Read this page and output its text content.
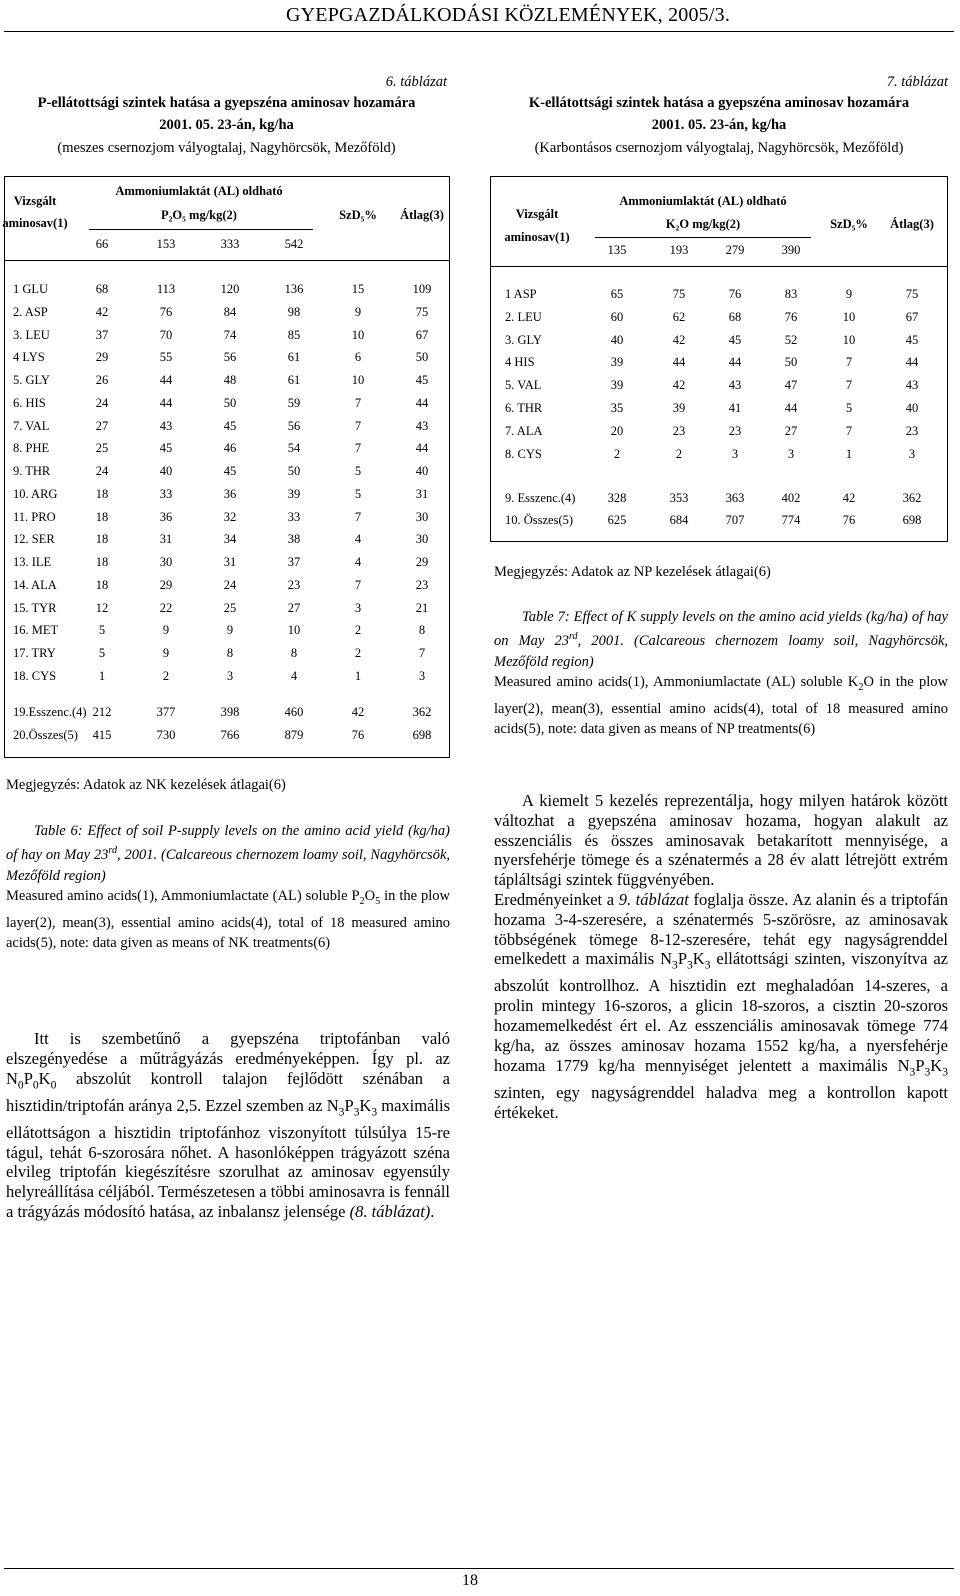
GYEPGAZDÁLKODÁSI KÖZLEMÉNYEK, 2005/3.
6. táblázat
P-ellátottsági szintek hatása a gyepszéna aminosav hozamára
2001. 05. 23-án, kg/ha
(meszes csernozjom vályogtalaj, Nagyhörcsök, Mezőföld)
7. táblázat
K-ellátottsági szintek hatása a gyepszéna aminosav hozamára
2001. 05. 23-án, kg/ha
(Karbontásos csernozjom vályogtalaj, Nagyhörcsök, Mezőföld)
Vizsgált
aminosav(1)
Ammoniumlaktát (AL) oldható
P₂O₅ mg/kg(2)
66	153	333	542
SzD₅% Átlag(3)
1 GLU	68	113	120	136	15	109
2. ASP	42	76	84	98	9	75
3. LEU	37	70	74	85	10	67
4 LYS	29	55	56	61	6	50
5. GLY	26	44	48	61	10	45
6. HIS	24	44	50	59	7	44
7. VAL	27	43	45	56	7	43
8. PHE	25	45	46	54	7	44
9. THR	24	40	45	50	5	40
10. ARG	18	33	36	39	5	31
11. PRO	18	36	32	33	7	30
12. SER	18	31	34	38	4	30
13. ILE	18	30	31	37	4	29
14. ALA	18	29	24	23	7	23
15. TYR	12	22	25	27	3	21
16. MET	5	9	9	10	2	8
17. TRY	5	9	8	8	2	7
18. CYS	1	2	3	4	1	3
19.Esszenc.(4) 212	377	398	460	42	362
20.Összes(5) 415	730	766	879	76	698
Vizsgált
aminosav(1)
Ammoniumlaktát (AL) oldható
K₂O mg/kg(2)
135	193	279	390
SzD₅% Átlag(3)
1 ASP	65	75	76	83	9	75
2. LEU	60	62	68	76	10	67
3. GLY	40	42	45	52	10	45
4 HIS	39	44	44	50	7	44
5. VAL	39	42	43	47	7	43
6. THR	35	39	41	44	5	40
7. ALA	20	23	23	27	7	23
8. CYS	2	2	3	3	1	3
9. Esszenc.(4)	328	353	363	402	42	362
10. Összes(5)	625	684	707	774	76	698
Megjegyzés: Adatok az NK kezelések átlagai(6)
Megjegyzés: Adatok az NP kezelések átlagai(6)

Table 6: Effect of soil P-supply levels on the amino acid yield (kg/ha) of hay on May 23rd, 2001. (Calcareous chernozem loamy soil, Nagyhörcsök, Mezőföld region)

Measured amino acids(1), Ammoniumlactate (AL) soluble $P_2O_5$ in the plow layer(2), mean(3), essential amino acids(4), total of 18 measured amino acids(5), note: data given as means of NK treatments(6)

Table 7: Effect of K supply levels on the amino acid yields (kg/ha) of hay on May 23rd, 2001. (Calcareous chernozem loamy soil, Nagyhörcsök, Mezőföld region)

Measured amino acids(1), Ammoniumlactate (AL) soluble $K_2O$ in the plow layer(2), mean(3), essential amino acids(4), total of 18 measured amino acids(5), note: data given as means of NP treatments(6)

Itt is szembetűnő a gyepszéna triptofánban való elszegényedése a műtrágyázás eredményeképpen. Így pl. az $N_0P_0K_0$ abszolút kontroll talajon fejlődött szénában a hisztidin/triptofán aránya 2,5. Ezzel szemben az $N_3P_3K_3$ maximális ellátottságon a hisztidin triptofánhoz viszonyított túlsúlya 15-re tágul, tehát 6-szorosára nőhet. A hasonlóképpen trágyázott széna elvileg triptofán kiegészítésre szorulhat az aminosav egyensúly helyreállítása céljából. Természetesen a többi aminosavra is fennáll a trágyázás módosító hatása, az inbalansz jelensége (8. táblázat).

A kiemelt 5 kezelés reprezentálja, hogy milyen határok között változhat a gyepszéna aminosav hozama, hogyan alakult az esszenciális és összes aminosavak betakarított mennyisége, a nyersfehérje tömege és a szénatermés a 28 év alatt létrejött extrém tápláltsági szintek függvényében.

Eredményeinket a 9. táblázat foglalja össze. Az alanin és a triptofán hozama 3-4-szeresére, a szénatermés 5-szörösre, az aminosavak többségének tömege 8-12-szeresére, tehát egy nagyságrenddel emelkedett a maximális $N_3P_3K_3$ ellátottsági szinten, viszonyítva az abszolút kontrollhoz. A hisztidin ezt meghaladóan 14-szeres, a prolin mintegy 16-szoros, a glicin 18-szoros, a cisztin 20-szoros hozamemelkedést ért el. Az esszenciális aminosavak tömege 774 kg/ha, az összes aminosav hozama 1552 kg/ha, a nyersfehérje hozama 1779 kg/ha mennyiséget jelentett a maximális $N_3P_3K_3$ szinten, egy nagyságrenddel haladva meg a kontrollon kapott értékeket.

18
